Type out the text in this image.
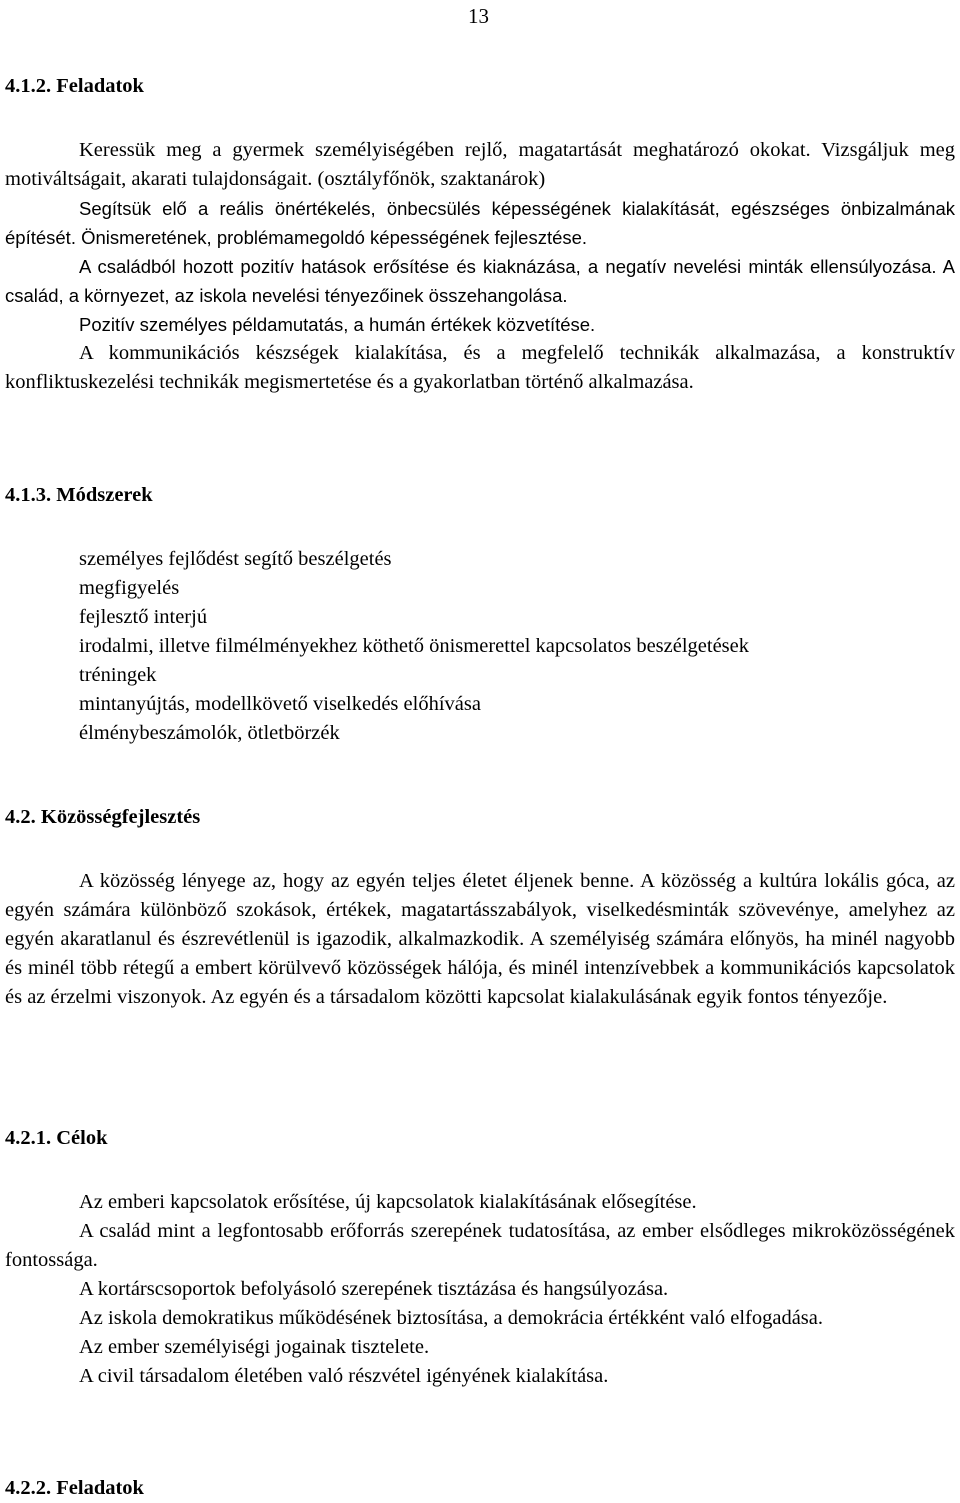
13
4.1.2. Feladatok

Keressük meg a gyermek személyiségében rejlő, magatartását meghatározó okokat. Vizsgáljuk meg motiváltságait, akarati tulajdonságait. (osztályfőnök, szaktanárok)

Segítsük elő a reális önértékelés, önbecsülés képességének kialakítását, egészséges önbizalmának építését. Önismeretének, problémamegoldó képességének fejlesztése.

A családból hozott pozitív hatások erősítése és kiaknázása, a negatív nevelési minták ellensúlyozása. A család, a környezet, az iskola nevelési tényezőinek összehangolása.

Pozitív személyes példamutatás, a humán értékek közvetítése.

A kommunikációs készségek kialakítása, és a megfelelő technikák alkalmazása, a konstruktív konfliktuskezelési technikák megismertetése és a gyakorlatban történő alkalmazása.

4.1.3. Módszerek
személyes fejlődést segítő beszélgetés
megfigyelés
fejlesztő interjú
irodalmi, illetve filmélményekhez köthető önismerettel kapcsolatos beszélgetések
tréningek
mintanyújtás, modellkövető viselkedés előhívása
élménybeszámolók, ötletbörzék
4.2. Közösségfejlesztés

A közösség lényege az, hogy az egyén teljes életet éljenek benne. A közösség a kultúra lokális góca, az egyén számára különböző szokások, értékek, magatartásszabályok, viselkedésminták szövevénye, amelyhez az egyén akaratlanul és észrevétlenül is igazodik, alkalmazkodik. A személyiség számára előnyös, ha minél nagyobb és minél több rétegű a embert körülvevő közösségek hálója, és minél intenzívebbek a kommunikációs kapcsolatok és az érzelmi viszonyok. Az egyén és a társadalom közötti kapcsolat kialakulásának egyik fontos tényezője.

4.2.1. Célok

Az emberi kapcsolatok erősítése, új kapcsolatok kialakításának elősegítése.

A család mint a legfontosabb erőforrás szerepének tudatosítása, az ember elsődleges mikroközösségének fontossága.

A kortárscsoportok befolyásoló szerepének tisztázása és hangsúlyozása.

Az iskola demokratikus működésének biztosítása, a demokrácia értékként való elfogadása.

Az ember személyiségi jogainak tisztelete.

A civil társadalom életében való részvétel igényének kialakítása.

4.2.2. Feladatok
